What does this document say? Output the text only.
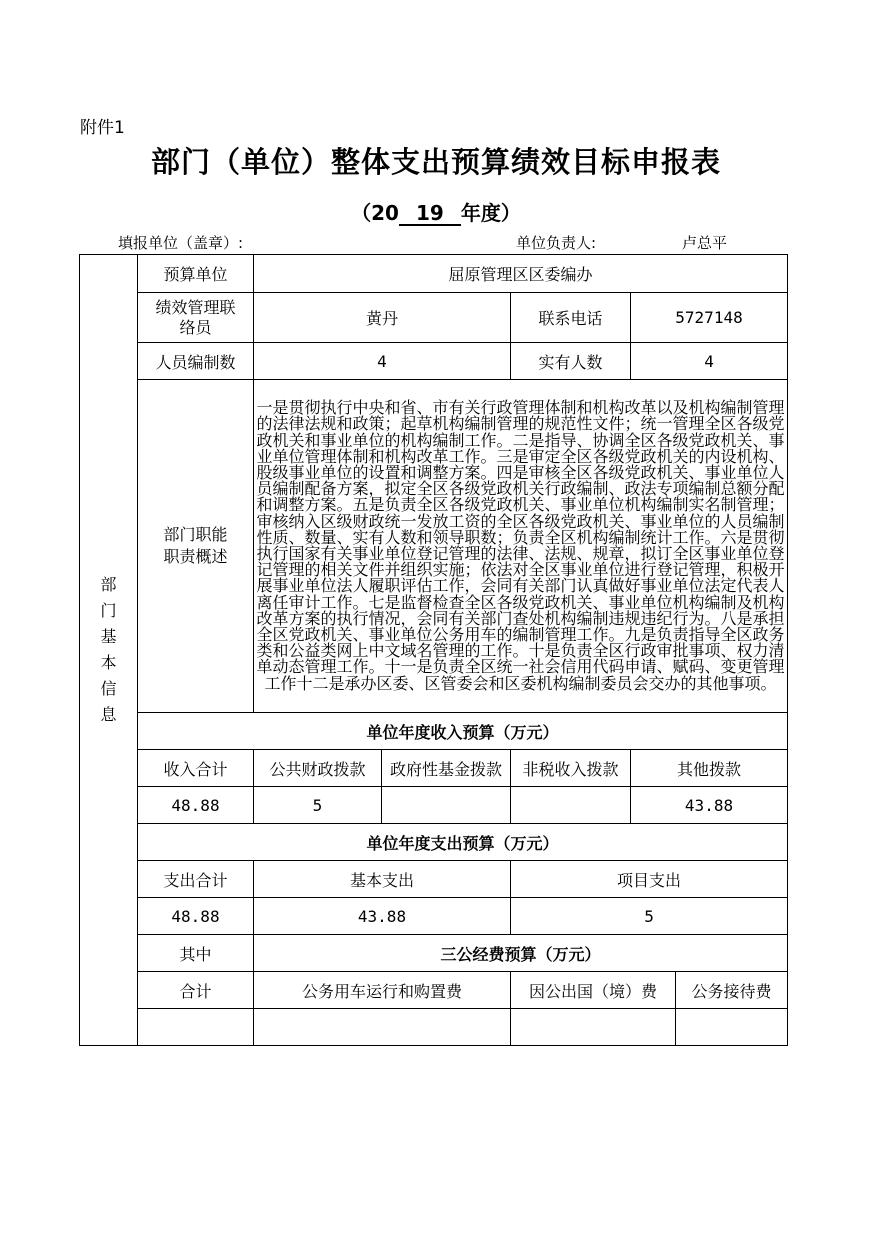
附件1
部门（单位）整体支出预算绩效目标申报表
（20 19 年度）
填报单位（盖章）:	单位负责人:	卢总平
部门基本信息	预算单位	屈原管理区区委编办				

	绩效管理联络员	黄丹		联系电话	5727148	
	人员编制数	4		实有人数	4	

	部门职能职责概述	一是贯彻执行中央和省、市有关行政管理体制和机构改革以及机构编制管理的法律法规和政策；起草机构编制管理的规范性文件；统一管理全区各级党政机关和事业单位的机构编制工作。二是指导、协调全区各级党政机关、事业单位管理体制和机构改革工作。三是审定全区各级党政机关的内设机构、股级事业单位的设置和调整方案。四是审核全区各级党政机关、事业单位人员编制配备方案，拟定全区各级党政机关行政编制、政法专项编制总额分配和调整方案。五是负责全区各级党政机关、事业单位机构编制实名制管理；审核纳入区级财政统一发放工资的全区各级党政机关、事业单位的人员编制性质、数量、实有人数和领导职数；负责全区机构编制统计工作。六是贯彻执行国家有关事业单位登记管理的法律、法规、规章，拟订全区事业单位登记管理的相关文件并组织实施；依法对全区事业单位进行登记管理，积极开展事业单位法人履职评估工作，会同有关部门认真做好事业单位法定代表人离任审计工作。七是监督检查全区各级党政机关、事业单位机构编制及机构改革方案的执行情况，会同有关部门查处机构编制违规违纪行为。八是承担全区党政机关、事业单位公务用车的编制管理工作。九是负责指导全区政务类和公益类网上中文域名管理的工作。十是负责全区行政审批事项、权力清单动态管理工作。十一是负责全区统一社会信用代码申请、赋码、变更管理工作十二是承办区委、区管委会和区委机构编制委员会交办的其他事项。				
	单位年度收入预算（万元）					
	收入合计	公共财政拨款	政府性基金拨款	非税收入拨款	其他拨款	
	48.88	5			43.88	
	单位年度支出预算（万元）					
	支出合计	基本支出		项目支出		
	48.88	43.88		5		
	其中	三公经费预算（万元）				
	合计	公务用车运行和购置费		因公出国（境）费		公务接待费
